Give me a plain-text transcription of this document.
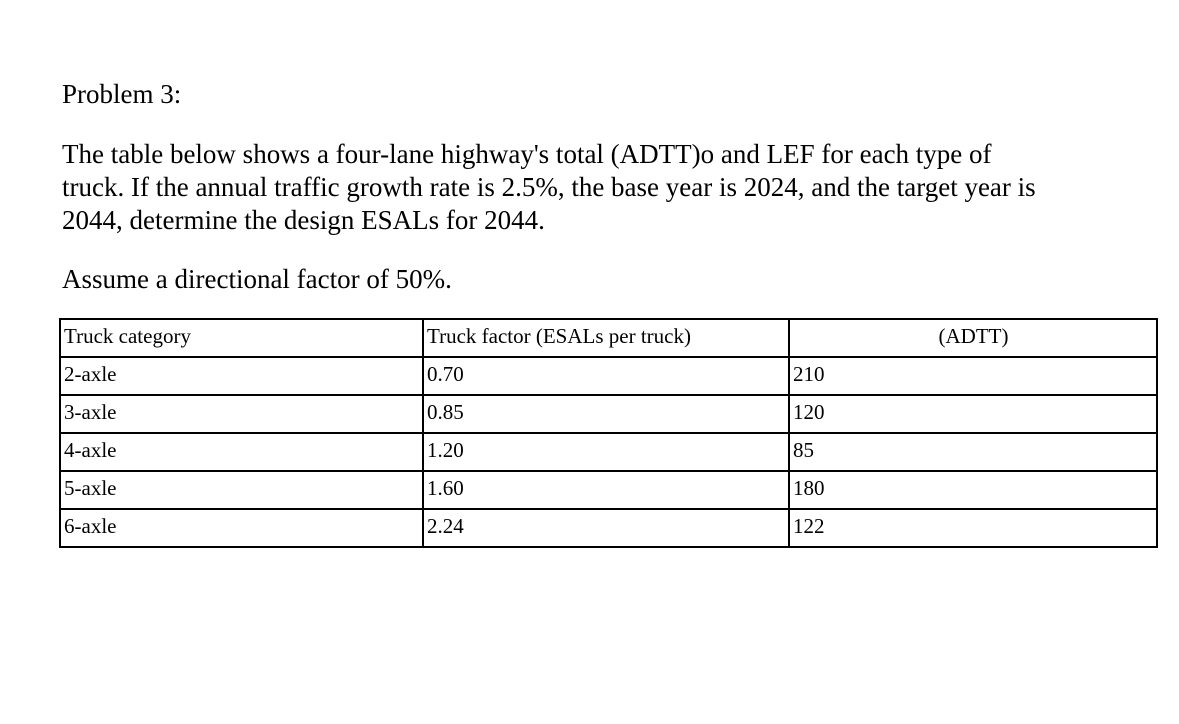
Problem 3:
The table below shows a four-lane highway's total (ADTT)o and LEF for each type of
truck. If the annual traffic growth rate is 2.5%, the base year is 2024, and the target year is
2044, determine the design ESALs for 2044.
Assume a directional factor of 50%.
Truck category	Truck factor (ESALs per truck)	(ADTT)
2-axle	0.70	210
3-axle	0.85	120
4-axle	1.20	85
5-axle	1.60	180
6-axle	2.24	122
